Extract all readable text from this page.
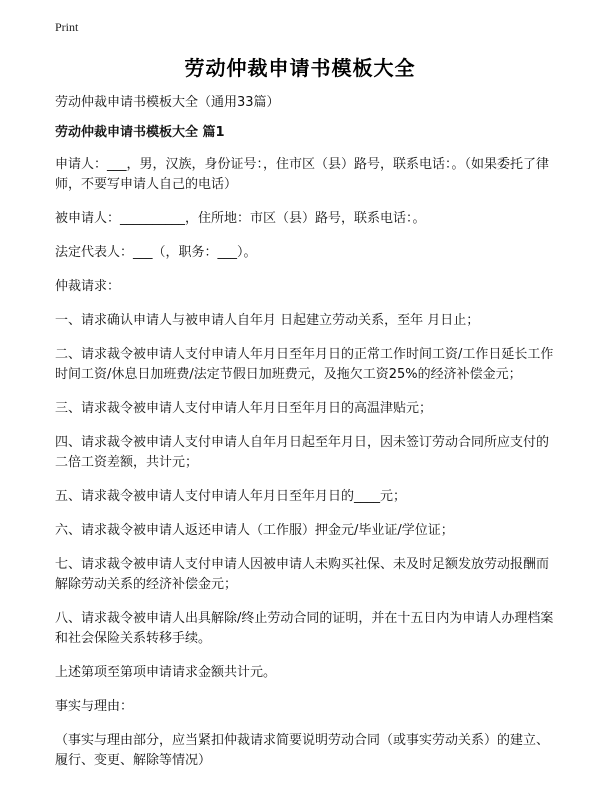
Print
劳动仲裁申请书模板大全

劳动仲裁申请书模板大全（通用33篇）

劳动仲裁申请书模板大全 篇1

申请人：___，男，汉族，身份证号：，住市区（县）路号，联系电话：。（如果委托了律师，不要写申请人自己的电话）

被申请人：__________，住所地：市区（县）路号，联系电话：。

法定代表人：___（，职务：___）。

仲裁请求：

一、请求确认申请人与被申请人自年月 日起建立劳动关系，至年 月日止；

二、请求裁令被申请人支付申请人年月日至年月日的正常工作时间工资/工作日延长工作时间工资/休息日加班费/法定节假日加班费元，及拖欠工资25%的经济补偿金元；

三、请求裁令被申请人支付申请人年月日至年月日的高温津贴元；

四、请求裁令被申请人支付申请人自年月日起至年月日，因未签订劳动合同所应支付的二倍工资差额，共计元；

五、请求裁令被申请人支付申请人年月日至年月日的____元；

六、请求裁令被申请人返还申请人（工作服）押金元/毕业证/学位证；

七、请求裁令被申请人支付申请人因被申请人未购买社保、未及时足额发放劳动报酬而解除劳动关系的经济补偿金元；

八、请求裁令被申请人出具解除/终止劳动合同的证明，并在十五日内为申请人办理档案和社会保险关系转移手续。

上述第项至第项申请请求金额共计元。

事实与理由：

（事实与理由部分，应当紧扣仲裁请求简要说明劳动合同（或事实劳动关系）的建立、履行、变更、解除等情况）
